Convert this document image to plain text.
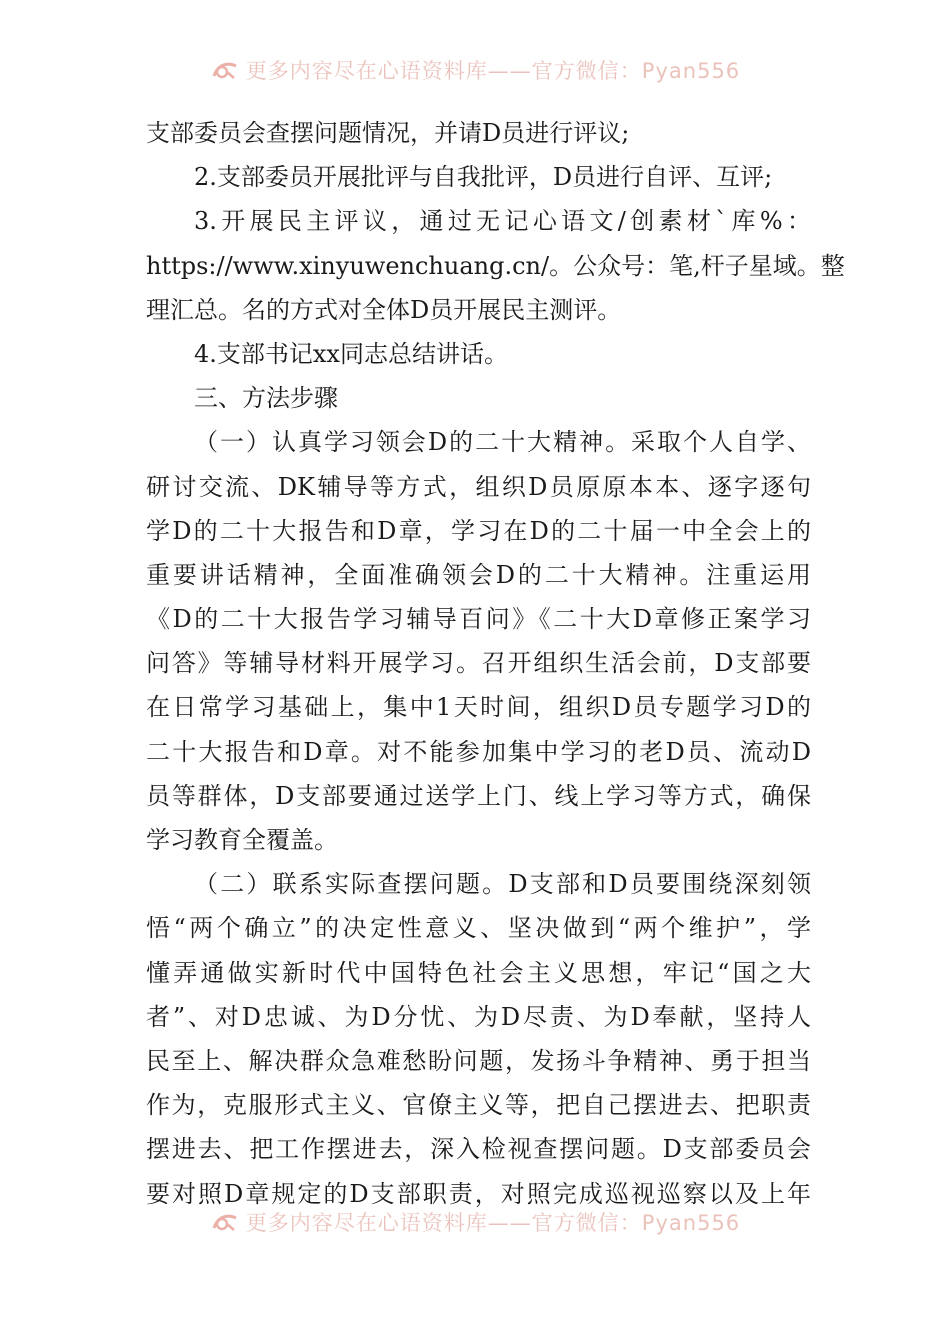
更多内容尽在心语资料库——官方微信：Pyan556
支部委员会查摆问题情况，并请D员进行评议;
2.支部委员开展批评与自我批评，D员进行自评、互评;
3.开展民主评议，通过无记心语文/创素材`库%：
https://www.xinyuwenchuang.cn/。公众号：笔,杆子星域。整
理汇总。名的方式对全体D员开展民主测评。
4.支部书记xx同志总结讲话。
三、方法步骤
（一）认真学习领会D的二十大精神。采取个人自学、
研讨交流、DK辅导等方式，组织D员原原本本、逐字逐句
学D的二十大报告和D章，学习在D的二十届一中全会上的
重要讲话精神，全面准确领会D的二十大精神。注重运用
《D的二十大报告学习辅导百问》《二十大D章修正案学习
问答》等辅导材料开展学习。召开组织生活会前，D支部要
在日常学习基础上，集中1天时间，组织D员专题学习D的
二十大报告和D章。对不能参加集中学习的老D员、流动D
员等群体，D支部要通过送学上门、线上学习等方式，确保
学习教育全覆盖。
（二）联系实际查摆问题。D支部和D员要围绕深刻领
悟“两个确立”的决定性意义、坚决做到“两个维护”，学
懂弄通做实新时代中国特色社会主义思想，牢记“国之大
者”、对D忠诚、为D分忧、为D尽责、为D奉献，坚持人
民至上、解决群众急难愁盼问题，发扬斗争精神、勇于担当
作为，克服形式主义、官僚主义等，把自己摆进去、把职责
摆进去、把工作摆进去，深入检视查摆问题。D支部委员会
要对照D章规定的D支部职责，对照完成巡视巡察以及上年
更多内容尽在心语资料库——官方微信：Pyan556
